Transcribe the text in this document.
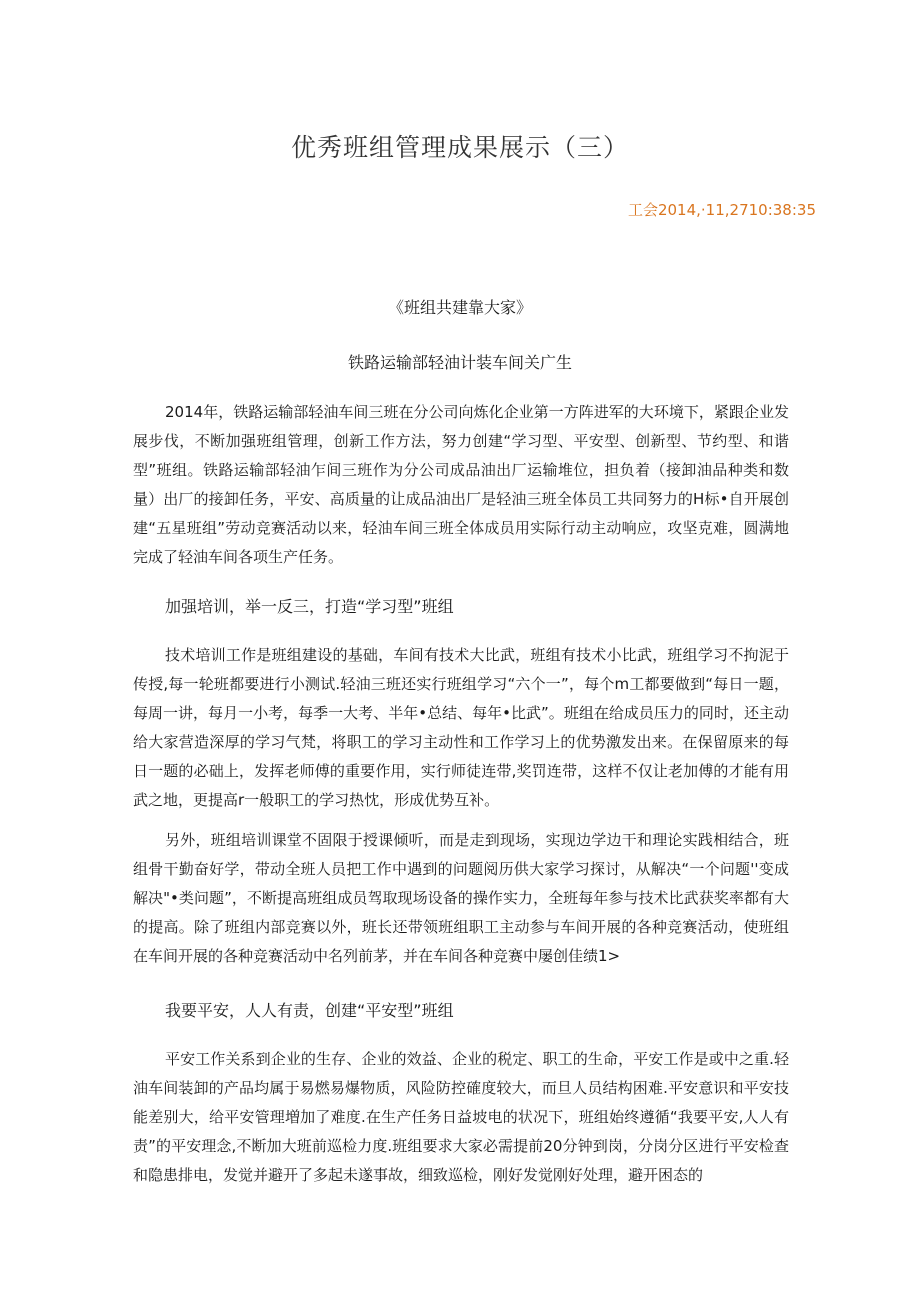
优秀班组管理成果展示（三）

工会2014,·11,2710:38:35

《班组共建靠大家》

铁路运输部轻油计装车间关广生

2014年，铁路运输部轻油车间三班在分公司向炼化企业第一方阵进军的大环境下，紧跟企业发展步伐，不断加强班组管理，创新工作方法，努力创建“学习型、平安型、创新型、节约型、和谐型”班组。铁路运输部轻油乍间三班作为分公司成品油出厂运输堆位，担负着（接卸油品种类和数量）出厂的接卸任务，平安、高质量的让成品油出厂是轻油三班全体员工共同努力的H标•自开展创建“五星班组”劳动竞赛活动以来，轻油车间三班全体成员用实际行动主动响应，攻坚克难，圆满地完成了轻油车间各项生产任务。

加强培训，举一反三，打造“学习型”班组

技术培训工作是班组建设的基础，车间有技术大比武，班组有技术小比武，班组学习不拘泥于传授,每一轮班都要进行小测试.轻油三班还实行班组学习“六个一”，每个m工都要做到“每日一题，每周一讲，每月一小考，每季一大考、半年•总结、每年•比武”。班组在给成员压力的同时，还主动给大家营造深厚的学习气梵，将职工的学习主动性和工作学习上的优势激发出来。在保留原来的每日一题的必础上，发挥老师傅的重要作用，实行师徒连带,奖罚连带，这样不仅让老加傅的才能有用武之地，更提高r一般职工的学习热忱，形成优势互补。

另外，班组培训课堂不固限于授课倾听，而是走到现场，实现边学边干和理论实践相结合，班组骨干勤奋好学，带动全班人员把工作中遇到的问题阅历供大家学习探讨，从解决“一个问题''变成解决"•类问题”，不断提高班组成员驾取现场设备的操作实力，全班每年参与技术比武获奖率都有大的提高。除了班组内部竞赛以外，班长还带领班组职工主动参与车间开展的各种竞赛活动，使班组在车间开展的各种竞赛活动中名列前茅，并在车间各种竞赛中屡创佳绩1>

我要平安，人人有责，创建“平安型”班组

平安工作关系到企业的生存、企业的效益、企业的税定、职工的生命，平安工作是或中之重.轻油车间装卸的产品均属于易燃易爆物质，风险防控確度较大，而旦人员结构困难.平安意识和平安技能差别大，给平安管理増加了难度.在生产任务日益坡电的状况下，班组始终遵循“我要平安,人人有责”的平安理念,不断加大班前巡检力度.班组要求大家必需提前20分钟到岗，分岗分区进行平安检查和隐患排电，发觉并避开了多起未遂事故，细致巡检，刚好发觉刚好处理，避开困态的
